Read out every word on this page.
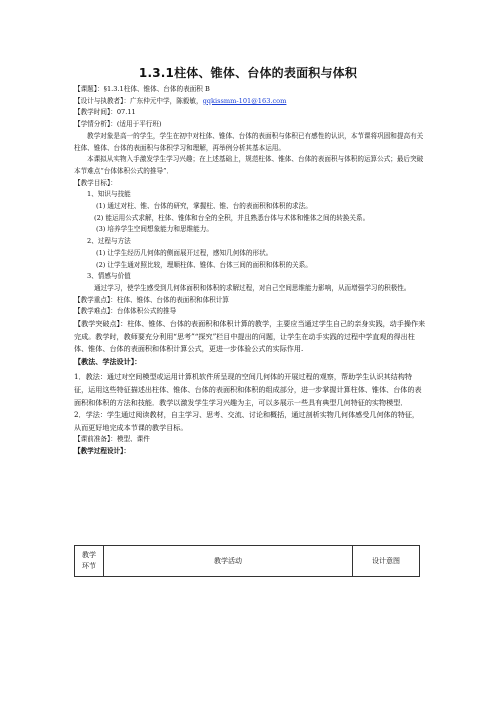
1.3.1柱体、锥体、台体的表面积与体积

【课题】：§1.3.1柱体、锥体、台体的表面积 B

【设计与执教者】：广东仲元中学，陈毅敏，gqkissmm-101@163.com

【教学时间】：07.11

【学情分析】：(适用于平行班)

教学对象是高一的学生，学生在初中对柱体、锥体、台体的表面积与体积已有感性的认识，本节课将巩固和提高有关柱体、锥体、台体的表面积与体积学习和理解，再举例分析其基本运用。

本课拟从实物入手激发学生学习兴趣；在上述基础上，规范柱体、锥体、台体的表面积与体积的运算公式；最后突破本节难点“台体体积公式的推导”．

【教学目标】：

1、知识与技能

(1) 通过对柱、锥、台体的研究，掌握柱、锥、台的表面积和体积的求法。

(2) 能运用公式求解，柱体、锥体和台全的全积，并且熟悉台体与术体和锥体之间的转换关系。

(3) 培养学生空间想象能力和思维能力。

2、过程与方法

(1) 让学生经历几何体的侧面展开过程，感知几何体的形状。

(2) 让学生通对照比较，理顺柱体、锥体、台体三间的面积和体积的关系。

3、情感与价值

通过学习，使学生感受到几何体面积和体积的求解过程，对自己空间思维能力影响，从而增强学习的积极性。

【教学重点】：柱体、锥体、台体的表面积和体积计算

【教学难点】：台体体积公式的推导

【教学突破点】：柱体、锥体、台体的表面积和体积计算的教学，主要应当通过学生自己的亲身实践，动手操作来完成。教学时，教师要充分利用“思考”“探究”栏目中提出的问题，让学生在动手实践的过程中学直观的得出柱体、锥体、台体的表面积和体积计算公式，更进一步体验公式的实际作用.

【教法、学法设计】：

1．教法：通过对空间模型或运用计算机软件所呈现的空间几何体的开展过程的观察，帮助学生认识其结构特征，运用这些特征描述出柱体、锥体、台体的表面积和体积的组成部分，进一步掌握计算柱体、锥体、台体的表面积和体积的方法和技能．教学以激发学生学习兴趣为主，可以多展示一些具有典型几何特征的实物模型．

2．学法：学生通过阅读教材，自主学习、思考、交流、讨论和概括，通过剖析实物几何体感受几何体的特征，从而更好地完成本节课的教学目标。

【课前准备】：模型、课件

【教学过程设计】：

教学
环节	教学活动	设计意图
